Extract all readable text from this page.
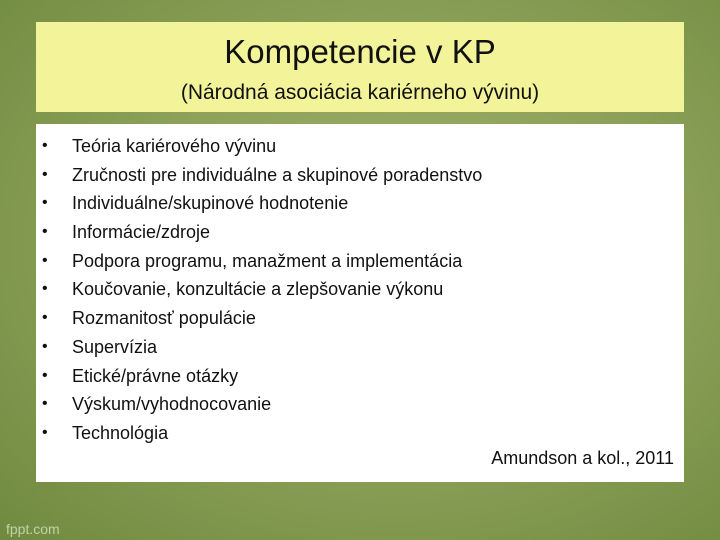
Kompetencie v KP
(Národná asociácia kariérneho vývinu)
• Teória kariérového vývinu
• Zručnosti pre individuálne a skupinové poradenstvo
• Individuálne/skupinové hodnotenie
• Informácie/zdroje
• Podpora programu, manažment a implementácia
• Koučovanie, konzultácie a zlepšovanie výkonu
• Rozmanitosť populácie
• Supervízia
• Etické/právne otázky
• Výskum/vyhodnocovanie
• Technológia
Amundson a kol., 2011
fppt.com
